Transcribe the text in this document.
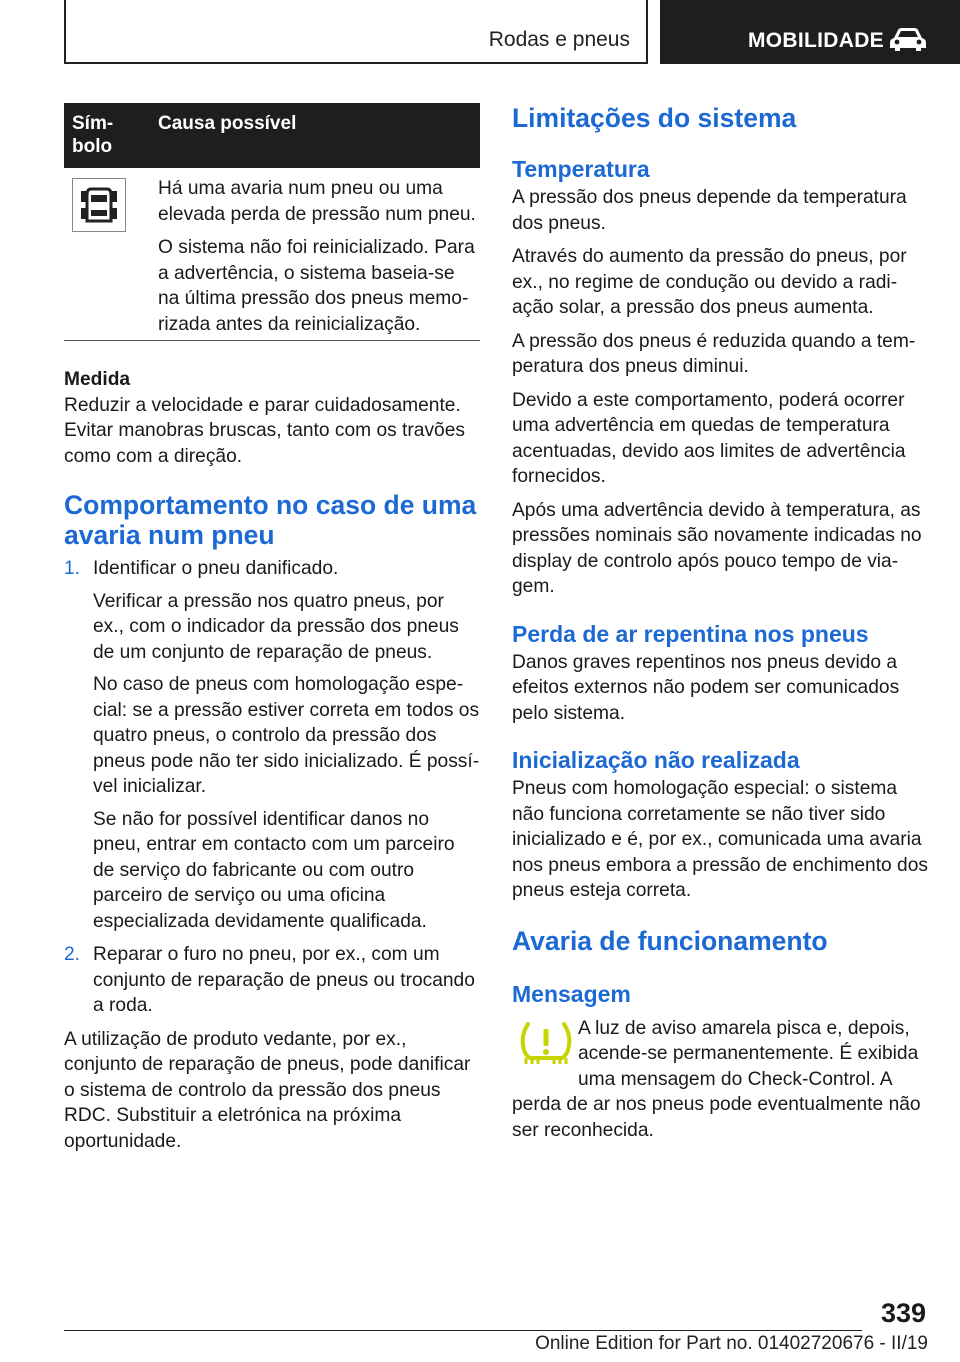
Rodas e pneus	MOBILIDADE
Sím-
bolo
Causa possível

Há uma avaria num pneu ou uma elevada perda de pressão num pneu.

O sistema não foi reinicializado. Para a advertência, o sistema baseia-se na última pressão dos pneus memorizada antes da reinicialização.

Medida

Reduzir a velocidade e parar cuidadosamente. Evitar manobras bruscas, tanto com os travões como com a direção.

Comportamento no caso de uma avaria num pneu
1. Identificar o pneu danificado.

Verificar a pressão nos quatro pneus, por ex., com o indicador da pressão dos pneus de um conjunto de reparação de pneus.

No caso de pneus com homologação especial: se a pressão estiver correta em todos os quatro pneus, o controlo da pressão dos pneus pode não ter sido inicializado. É possível inicializar.

Se não for possível identificar danos no pneu, entrar em contacto com um parceiro de serviço do fabricante ou com outro parceiro de serviço ou uma oficina especializada devidamente qualificada.

2. Reparar o furo no pneu, por ex., com um conjunto de reparação de pneus ou trocando a roda.

A utilização de produto vedante, por ex., conjunto de reparação de pneus, pode danificar o sistema de controlo da pressão dos pneus RDC. Substituir a eletrónica na próxima oportunidade.

Limitações do sistema
Temperatura

A pressão dos pneus depende da temperatura dos pneus.

Através do aumento da pressão do pneus, por ex., no regime de condução ou devido a radiação solar, a pressão dos pneus aumenta.

A pressão dos pneus é reduzida quando a temperatura dos pneus diminui.

Devido a este comportamento, poderá ocorrer uma advertência em quedas de temperatura acentuadas, devido aos limites de advertência fornecidos.

Após uma advertência devido à temperatura, as pressões nominais são novamente indicadas no display de controlo após pouco tempo de viagem.

Perda de ar repentina nos pneus

Danos graves repentinos nos pneus devido a efeitos externos não podem ser comunicados pelo sistema.

Inicialização não realizada

Pneus com homologação especial: o sistema não funciona corretamente se não tiver sido inicializado e é, por ex., comunicada uma avaria nos pneus embora a pressão de enchimento dos pneus esteja correta.

Avaria de funcionamento
Mensagem

A luz de aviso amarela pisca e, depois,

acende-se permanentemente. É exibida

uma mensagem do Check-Control. A

perda de ar nos pneus pode eventualmente não ser reconhecida.

339
Online Edition for Part no. 01402720676 - II/19
